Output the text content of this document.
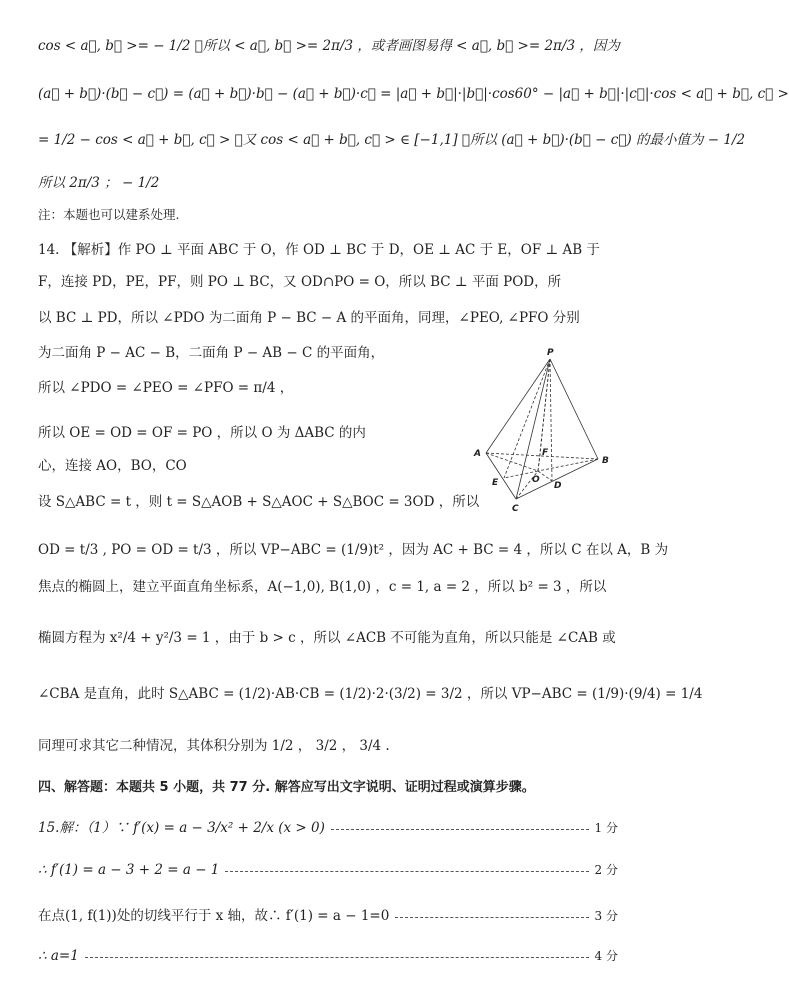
cos < a⃗, b⃗ >= − 1/2 ，所以 < a⃗, b⃗ >= 2π/3 ，或者画图易得 < a⃗, b⃗ >= 2π/3 ，因为
(a⃗ + b⃗)·(b⃗ − c⃗) = (a⃗ + b⃗)·b⃗ − (a⃗ + b⃗)·c⃗ = |a⃗ + b⃗|·|b⃗|·cos60° − |a⃗ + b⃗|·|c⃗|·cos < a⃗ + b⃗, c⃗ >
= 1/2 − cos < a⃗ + b⃗, c⃗ > ，又 cos < a⃗ + b⃗, c⃗ > ∈ [−1,1] ，所以 (a⃗ + b⃗)·(b⃗ − c⃗) 的最小值为 − 1/2
所以 2π/3 ； − 1/2
注：本题也可以建系处理.
14. 【解析】作 PO ⊥ 平面 ABC 于 O，作 OD ⊥ BC 于 D，OE ⊥ AC 于 E，OF ⊥ AB 于
F，连接 PD，PE，PF，则 PO ⊥ BC，又 OD∩PO = O，所以 BC ⊥ 平面 POD，所
以 BC ⊥ PD，所以 ∠PDO 为二面角 P − BC − A 的平面角，同理，∠PEO, ∠PFO 分别
为二面角 P − AC − B，二面角 P − AB − C 的平面角，
所以 ∠PDO = ∠PEO = ∠PFO = π/4 ，
所以 OE = OD = OF = PO ，所以 O 为 ΔABC 的内
心，连接 AO，BO，CO
设 S△ABC = t ，则 t = S△AOB + S△AOC + S△BOC = 3OD ，所以
OD = t/3 , PO = OD = t/3 ，所以 VP−ABC = (1/9)t² ，因为 AC + BC = 4 ，所以 C 在以 A，B 为
焦点的椭圆上，建立平面直角坐标系，A(−1,0), B(1,0) ，c = 1, a = 2 ，所以 b² = 3 ，所以
椭圆方程为 x²/4 + y²/3 = 1 ，由于 b > c ，所以 ∠ACB 不可能为直角，所以只能是 ∠CAB 或
∠CBA 是直角，此时 S△ABC = (1/2)·AB·CB = (1/2)·2·(3/2) = 3/2 ，所以 VP−ABC = (1/9)·(9/4) = 1/4
同理可求其它二种情况，其体积分别为 1/2 ， 3/2 ， 3/4 .
四、解答题：本题共 5 小题，共 77 分. 解答应写出文字说明、证明过程或演算步骤。
15.解：（1）∵ f′(x) = a − 3/x² + 2/x (x > 0)	1 分
∴ f′(1) = a − 3 + 2 = a − 1	2 分
在点(1, f(1))处的切线平行于 x 轴，故∴ f′(1) = a − 1=0	3 分
∴ a=1	4 分
P
A
B
C
E
F
O
D
